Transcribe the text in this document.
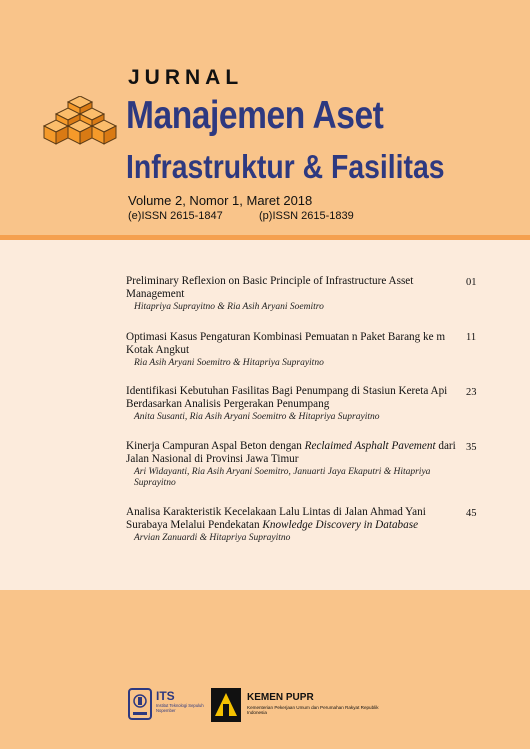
JURNAL
Manajemen Aset
Infrastruktur & Fasilitas
Volume 2, Nomor 1, Maret 2018
(e)ISSN 2615-1847	(p)ISSN 2615-1839
Preliminary Reflexion on Basic Principle of Infrastructure Asset Management
Hitapriya Suprayitno & Ria Asih Aryani Soemitro
01
Optimasi Kasus Pengaturan Kombinasi Pemuatan n Paket Barang ke m Kotak Angkut
Ria Asih Aryani Soemitro & Hitapriya Suprayitno
11
Identifikasi Kebutuhan Fasilitas Bagi Penumpang di Stasiun Kereta Api Berdasarkan Analisis Pergerakan Penumpang
Anita Susanti, Ria Asih Aryani Soemitro & Hitapriya Suprayitno
23
Kinerja Campuran Aspal Beton dengan Reclaimed Asphalt Pavement dari Jalan Nasional di Provinsi Jawa Timur
Ari Widayanti, Ria Asih Aryani Soemitro, Januarti Jaya Ekaputri & Hitapriya Suprayitno
35
Analisa Karakteristik Kecelakaan Lalu Lintas di Jalan Ahmad Yani Surabaya Melalui Pendekatan Knowledge Discovery in Database
Arvian Zanuardi & Hitapriya Suprayitno
45
ITS
Institut Teknologi Sepuluh Nopember
KEMEN PUPR
Kementerian Pekerjaan Umum dan Perumahan Rakyat Republik Indonesia
